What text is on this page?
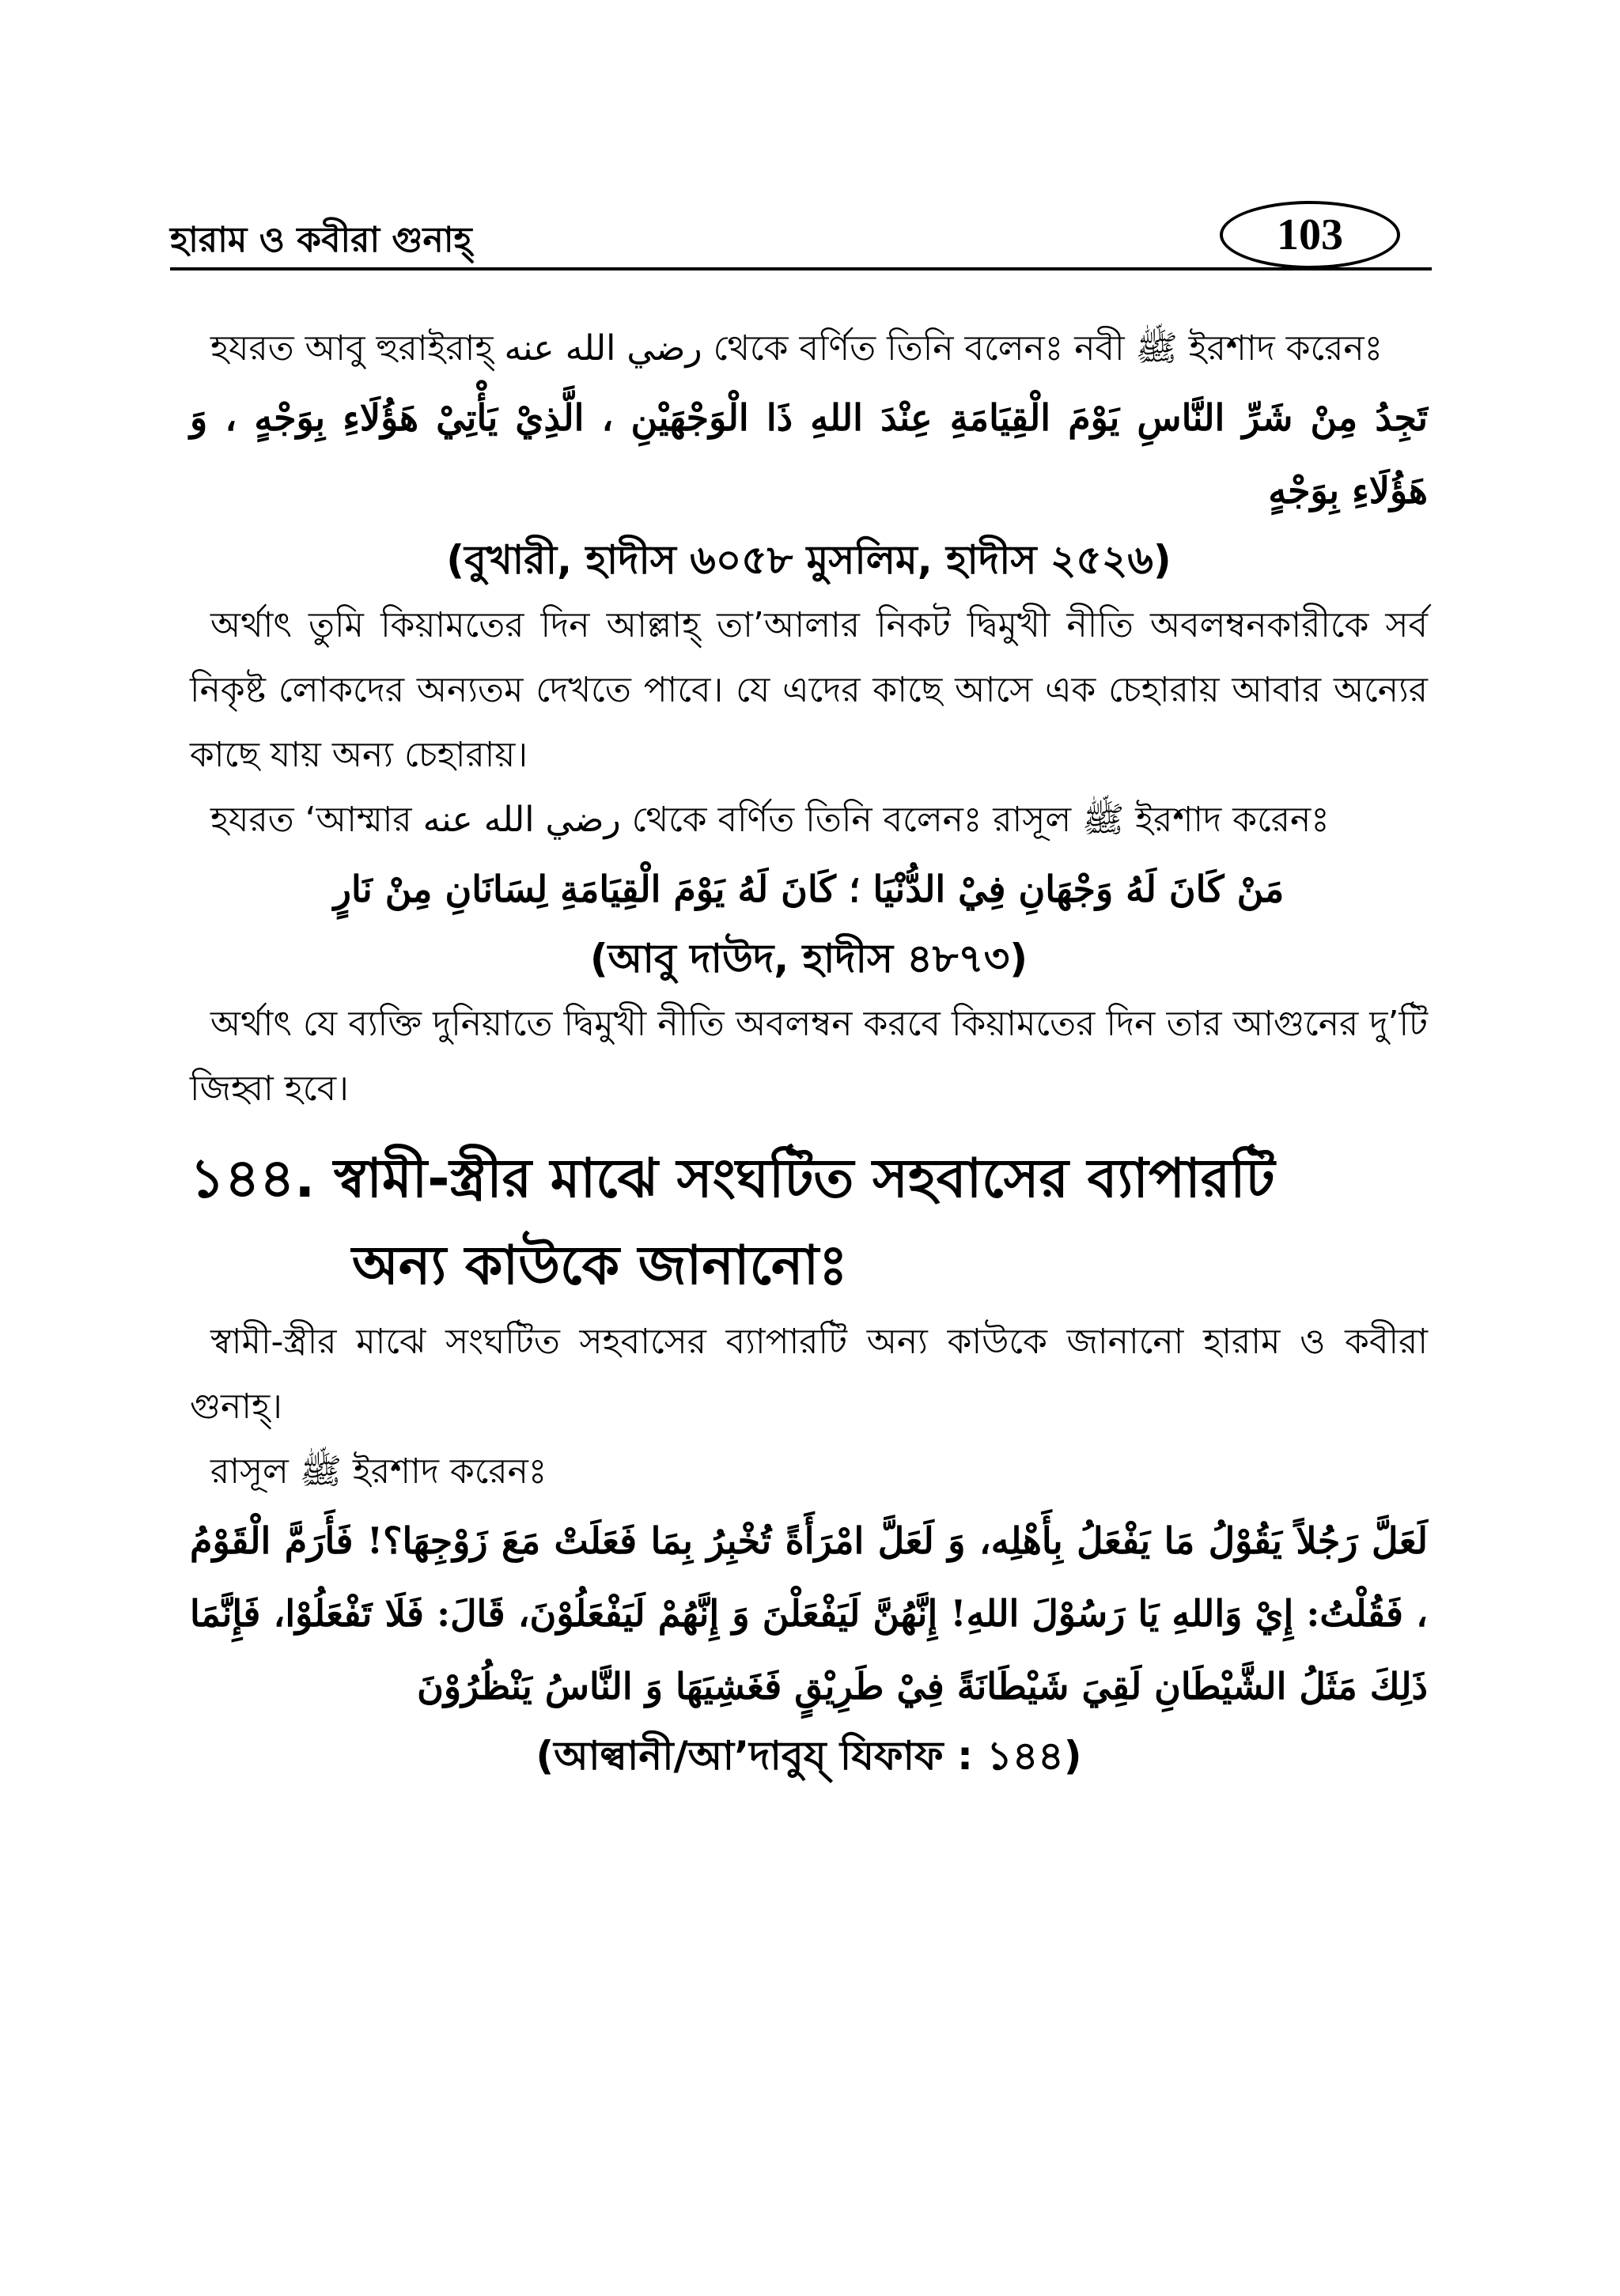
হারাম ও কবীরা গুনাহ্	103

হযরত আবু হুরাইরাহ্ رضي الله عنه থেকে বর্ণিত তিনি বলেনঃ নবী ﷺ ইরশাদ করেনঃ

تَجِدُ مِنْ شَرِّ النَّاسِ يَوْمَ الْقِيَامَةِ عِنْدَ اللهِ ذَا الْوَجْهَيْنِ ، الَّذِيْ يَأْتِيْ هَؤُلَاءِ بِوَجْهٍ ، وَ هَؤُلَاءِ بِوَجْهٍ

(বুখারী, হাদীস ৬০৫৮ মুসলিম, হাদীস ২৫২৬)

অর্থাৎ তুমি কিয়ামতের দিন আল্লাহ্ তা’আলার নিকট দ্বিমুখী নীতি অবলম্বনকারীকে সর্ব নিকৃষ্ট লোকদের অন্যতম দেখতে পাবে। যে এদের কাছে আসে এক চেহারায় আবার অন্যের কাছে যায় অন্য চেহারায়।

হযরত ‘আম্মার رضي الله عنه থেকে বর্ণিত তিনি বলেনঃ রাসূল ﷺ ইরশাদ করেনঃ

مَنْ كَانَ لَهُ وَجْهَانِ فِيْ الدُّنْيَا ؛ كَانَ لَهُ يَوْمَ الْقِيَامَةِ لِسَانَانِ مِنْ نَارٍ

(আবু দাউদ, হাদীস ৪৮৭৩)

অর্থাৎ যে ব্যক্তি দুনিয়াতে দ্বিমুখী নীতি অবলম্বন করবে কিয়ামতের দিন তার আগুনের দু’টি জিহ্বা হবে।

১৪৪. স্বামী-স্ত্রীর মাঝে সংঘটিত সহবাসের ব্যাপারটি
অন্য কাউকে জানানোঃ

স্বামী-স্ত্রীর মাঝে সংঘটিত সহবাসের ব্যাপারটি অন্য কাউকে জানানো হারাম ও কবীরা গুনাহ্।

রাসূল ﷺ ইরশাদ করেনঃ

لَعَلَّ رَجُلاً يَقُوْلُ مَا يَفْعَلُ بِأَهْلِه، وَ لَعَلَّ امْرَأَةً تُخْبِرُ بِمَا فَعَلَتْ مَعَ زَوْجِهَا؟! فَأَرَمَّ الْقَوْمُ ، فَقُلْتُ: إِيْ وَاللهِ يَا رَسُوْلَ اللهِ! إِنَّهُنَّ لَيَفْعَلْنَ وَ إِنَّهُمْ لَيَفْعَلُوْنَ، قَالَ: فَلَا تَفْعَلُوْا، فَإِنَّمَا ذَلِكَ مَثَلُ الشَّيْطَانِ لَقِيَ شَيْطَانَةً فِيْ طَرِيْقٍ فَغَشِيَهَا وَ النَّاسُ يَنْظُرُوْنَ

(আল্বানী/আ’দাবুয্ যিফাফ : ১৪৪)
